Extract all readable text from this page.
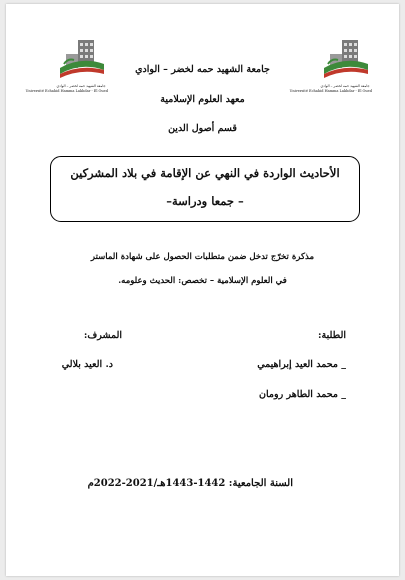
جامعة الشهيد حمه لخضر – الوادي
Université Echahid Hamma Lakhdar - El Oued
جامعة الشهيد حمه لخضر – الوادي
Université Echahid Hamma Lakhdar - El Oued
جامعة الشهيد حمه لخضر – الوادي
معهد العلوم الإسلامية
قسم أصول الدين
الأحاديث الواردة في النهي عن الإقامة في بلاد المشركين
– جمعا ودراسة–
مذكرة تخرّج تدخل ضمن متطلبات الحصول على شهادة الماستر
في العلوم الإسلامية – تخصص: الحديث وعلومه.
الطلبة:
المشرف:
_ محمد العيد إبراهيمي
د. العيد بلالي
_ محمد الطاهر رومان
السنة الجامعية: 1442-1443هـ/2021-2022م
